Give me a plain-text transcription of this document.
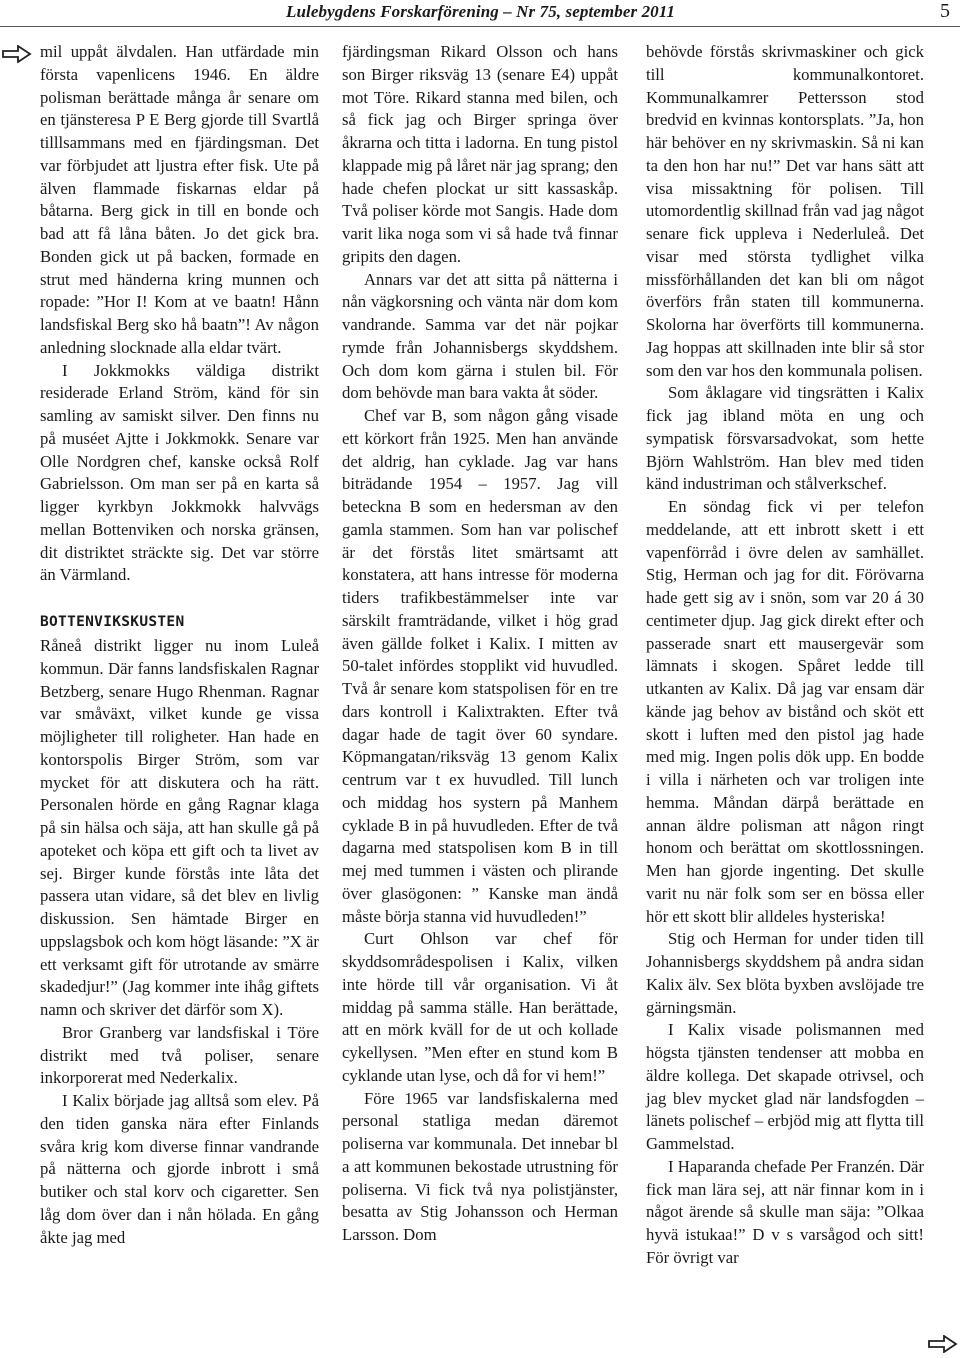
Lulebygdens Forskarförening – Nr 75, september 2011	5

mil uppåt älvdalen. Han utfärdade min första vapenlicens 1946. En äldre polisman berättade många år senare om en tjänsteresa P E Berg gjorde till Svartlå tilllsammans med en fjärdingsman. Det var förbjudet att ljustra efter fisk. Ute på älven flammade fiskarnas eldar på båtarna. Berg gick in till en bonde och bad att få låna båten. Jo det gick bra. Bonden gick ut på backen, formade en strut med händerna kring munnen och ropade: ”Hor I! Kom at ve baatn! Hånn landsfiskal Berg sko hå baatn”! Av någon anledning slocknade alla eldar tvärt.

I Jokkmokks väldiga distrikt residerade Erland Ström, känd för sin samling av samiskt silver. Den finns nu på muséet Ajtte i Jokkmokk. Senare var Olle Nordgren chef, kanske också Rolf Gabrielsson. Om man ser på en karta så ligger kyrkbyn Jokkmokk halvvägs mellan Bottenviken och norska gränsen, dit distriktet sträckte sig. Det var större än Värmland.

BOTTENVIKSKUSTEN

Råneå distrikt ligger nu inom Luleå kommun. Där fanns landsfiskalen Ragnar Betzberg, senare Hugo Rhenman. Ragnar var småväxt, vilket kunde ge vissa möjligheter till roligheter. Han hade en kontorspolis Birger Ström, som var mycket för att diskutera och ha rätt. Personalen hörde en gång Ragnar klaga på sin hälsa och säja, att han skulle gå på apoteket och köpa ett gift och ta livet av sej. Birger kunde förstås inte låta det passera utan vidare, så det blev en livlig diskussion. Sen hämtade Birger en uppslagsbok och kom högt läsande: ”X är ett verksamt gift för utrotande av smärre skadedjur!” (Jag kommer inte ihåg giftets namn och skriver det därför som X).

Bror Granberg var landsfiskal i Töre distrikt med två poliser, senare inkorporerat med Nederkalix.

I Kalix började jag alltså som elev. På den tiden ganska nära efter Finlands svåra krig kom diverse finnar vandrande på nätterna och gjorde inbrott i små butiker och stal korv och cigaretter. Sen låg dom över dan i nån hölada. En gång åkte jag med

fjärdingsman Rikard Olsson och hans son Birger riksväg 13 (senare E4) uppåt mot Töre. Rikard stanna med bilen, och så fick jag och Birger springa över åkrarna och titta i ladorna. En tung pistol klappade mig på låret när jag sprang; den hade chefen plockat ur sitt kassaskåp. Två poliser körde mot Sangis. Hade dom varit lika noga som vi så hade två finnar gripits den dagen.

Annars var det att sitta på nätterna i nån vägkorsning och vänta när dom kom vandrande. Samma var det när pojkar rymde från Johannisbergs skyddshem. Och dom kom gärna i stulen bil. För dom behövde man bara vakta åt söder.

Chef var B, som någon gång visade ett körkort från 1925. Men han använde det aldrig, han cyklade. Jag var hans biträdande 1954 – 1957. Jag vill beteckna B som en hedersman av den gamla stammen. Som han var polischef är det förstås litet smärtsamt att konstatera, att hans intresse för moderna tiders trafikbestämmelser inte var särskilt framträdande, vilket i hög grad även gällde folket i Kalix. I mitten av 50-talet infördes stopplikt vid huvudled. Två år senare kom statspolisen för en tre dars kontroll i Kalixtrakten. Efter två dagar hade de tagit över 60 syndare. Köpmangatan/riksväg 13 genom Kalix centrum var t ex huvudled. Till lunch och middag hos systern på Manhem cyklade B in på huvudleden. Efter de två dagarna med statspolisen kom B in till mej med tummen i västen och plirande över glasögonen: ” Kanske man ändå måste börja stanna vid huvudleden!”

Curt Ohlson var chef för skyddsområdespolisen i Kalix, vilken inte hörde till vår organisation. Vi åt middag på samma ställe. Han berättade, att en mörk kväll for de ut och kollade cykellysen. ”Men efter en stund kom B cyklande utan lyse, och då for vi hem!”

Före 1965 var landsfiskalerna med personal statliga medan däremot poliserna var kommunala. Det innebar bl a att kommunen bekostade utrustning för poliserna. Vi fick två nya polistjänster, besatta av Stig Johansson och Herman Larsson. Dom

behövde förstås skrivmaskiner och gick till kommunalkontoret. Kommunalkamrer Pettersson stod bredvid en kvinnas kontorsplats. ”Ja, hon här behöver en ny skrivmaskin. Så ni kan ta den hon har nu!” Det var hans sätt att visa missaktning för polisen. Till utomordentlig skillnad från vad jag något senare fick uppleva i Nederluleå. Det visar med största tydlighet vilka missförhållanden det kan bli om något överförs från staten till kommunerna. Skolorna har överförts till kommunerna. Jag hoppas att skillnaden inte blir så stor som den var hos den kommunala polisen.

Som åklagare vid tingsrätten i Kalix fick jag ibland möta en ung och sympatisk försvarsadvokat, som hette Björn Wahlström. Han blev med tiden känd industriman och stålverkschef.

En söndag fick vi per telefon meddelande, att ett inbrott skett i ett vapenförråd i övre delen av samhället. Stig, Herman och jag for dit. Förövarna hade gett sig av i snön, som var 20 á 30 centimeter djup. Jag gick direkt efter och passerade snart ett mausergevär som lämnats i skogen. Spåret ledde till utkanten av Kalix. Då jag var ensam där kände jag behov av bistånd och sköt ett skott i luften med den pistol jag hade med mig. Ingen polis dök upp. En bodde i villa i närheten och var troligen inte hemma. Måndan därpå berättade en annan äldre polisman att någon ringt honom och berättat om skottlossningen. Men han gjorde ingenting. Det skulle varit nu när folk som ser en bössa eller hör ett skott blir alldeles hysteriska!

Stig och Herman for under tiden till Johannisbergs skyddshem på andra sidan Kalix älv. Sex blöta byxben avslöjade tre gärningsmän.

I Kalix visade polismannen med högsta tjänsten tendenser att mobba en äldre kollega. Det skapade otrivsel, och jag blev mycket glad när landsfogden – länets polischef – erbjöd mig att flytta till Gammelstad.

I Haparanda chefade Per Franzén. Där fick man lära sej, att när finnar kom in i något ärende så skulle man säja: ”Olkaa hyvä istukaa!” D v s varsågod och sitt! För övrigt var
